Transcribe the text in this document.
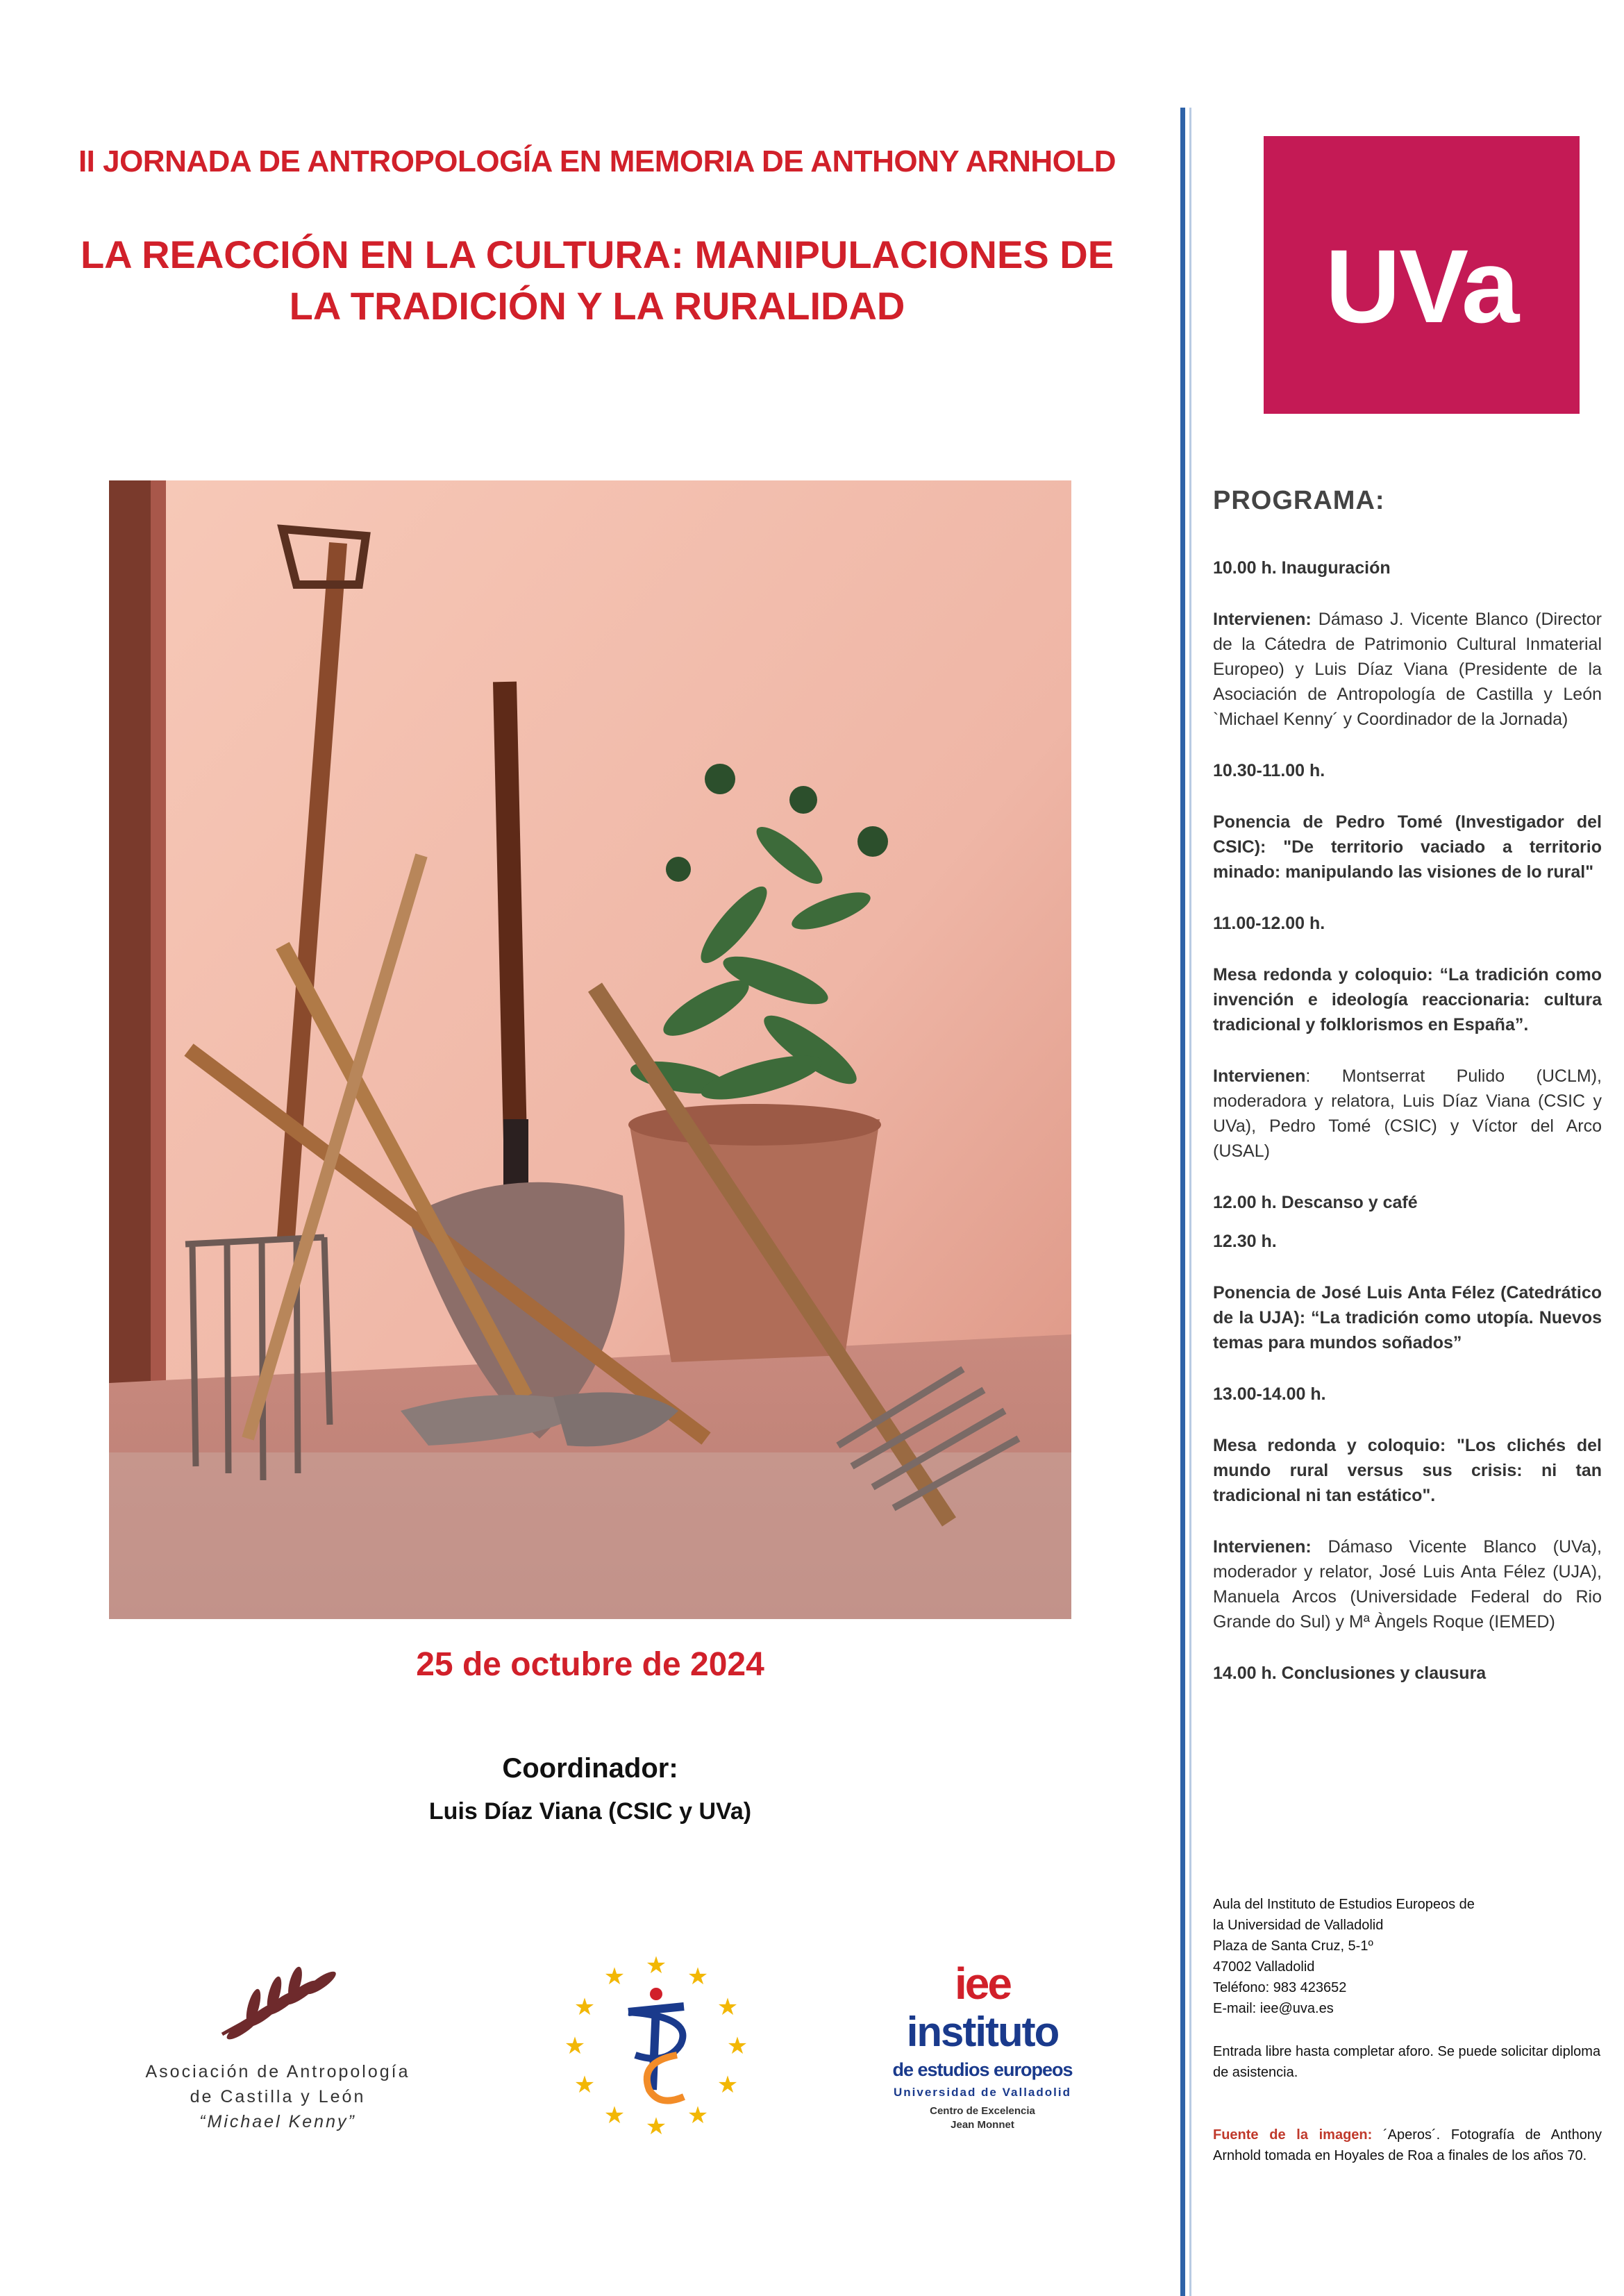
II JORNADA DE ANTROPOLOGÍA EN MEMORIA DE ANTHONY ARNHOLD
LA REACCIÓN EN LA CULTURA: MANIPULACIONES DE
LA TRADICIÓN Y LA RURALIDAD	UVa
25 de octubre de 2024
Coordinador:
Luis Díaz Viana (CSIC y UVa)
PROGRAMA:

10.00 h. Inauguración

Intervienen: Dámaso J. Vicente Blanco (Director de la Cátedra de Patrimonio Cultural Inmaterial Europeo) y Luis Díaz Viana (Presidente de la Asociación de Antropología de Castilla y León `Michael Kenny´ y Coordinador de la Jornada)

10.30-11.00 h.

Ponencia de Pedro Tomé (Investigador del CSIC): "De territorio vaciado a territorio minado: manipulando las visiones de lo rural"

11.00-12.00 h.

Mesa redonda y coloquio: “La tradición como invención e ideología reaccionaria: cultura tradicional y folklorismos en España”.

Intervienen: Montserrat Pulido (UCLM), moderadora y relatora, Luis Díaz Viana (CSIC y UVa), Pedro Tomé (CSIC) y Víctor del Arco (USAL)

12.00 h. Descanso y café

12.30 h.

Ponencia de José Luis Anta Félez (Catedrático de la UJA): “La tradición como utopía. Nuevos temas para mundos soñados”

13.00-14.00 h.

Mesa redonda y coloquio: "Los clichés del mundo rural versus sus crisis: ni tan tradicional ni tan estático".

Intervienen: Dámaso Vicente Blanco (UVa), moderador y relator, José Luis Anta Félez (UJA), Manuela Arcos (Universidade Federal do Rio Grande do Sul) y Mª Àngels Roque (IEMED)

14.00 h. Conclusiones y clausura

Aula del Instituto de Estudios Europeos de

la Universidad de Valladolid

Plaza de Santa Cruz, 5-1º

47002 Valladolid

Teléfono: 983 423652

E-mail: iee@uva.es

Entrada libre hasta completar aforo. Se puede solicitar diploma de asistencia.
Fuente de la imagen: ´Aperos´. Fotografía de Anthony Arnhold tomada en Hoyales de Roa a finales de los años 70.
Asociación de Antropología
de Castilla y León
“Michael Kenny”
★ ★
★
★
★
★
★
★
★
★
★
★	iee
instituto
de estudios europeos
Universidad de Valladolid
Centro de Excelencia
Jean Monnet
